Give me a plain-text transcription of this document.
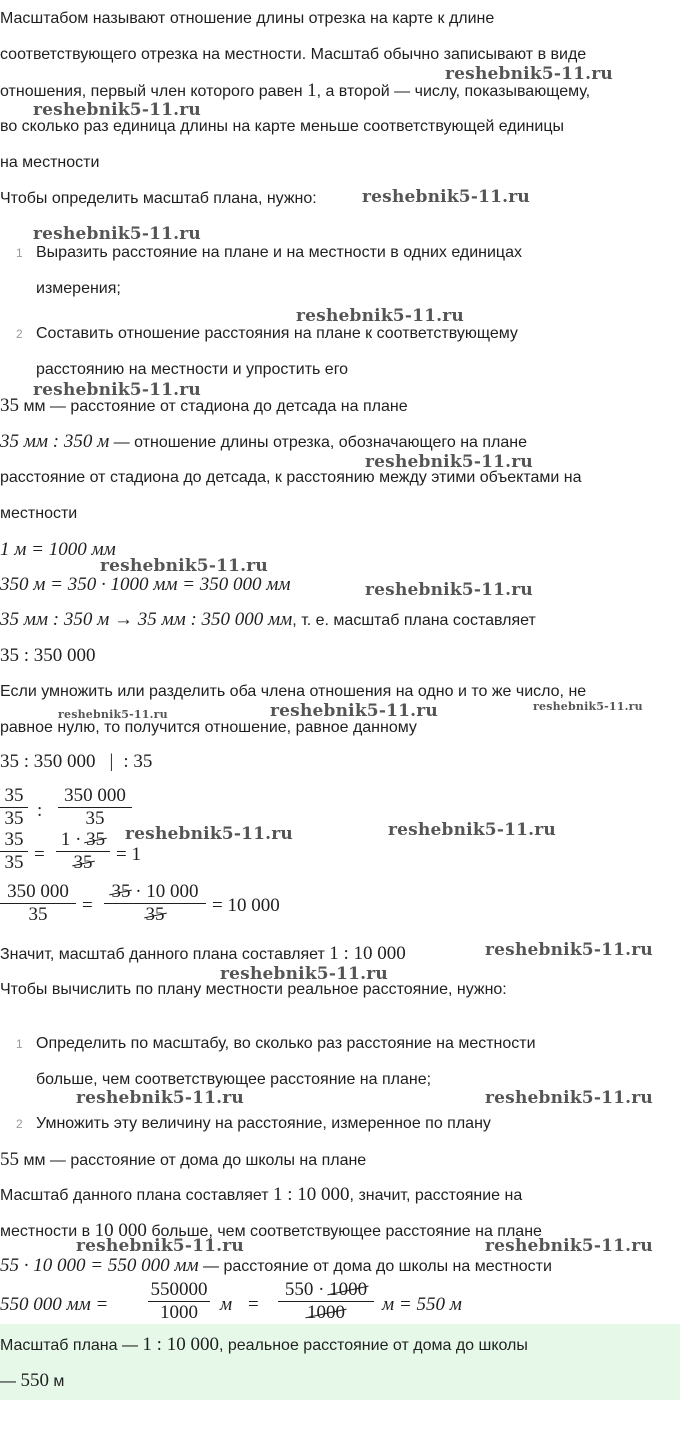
Масштабом называют отношение длины отрезка на карте к длине
соответствующего отрезка на местности. Масштаб обычно записывают в виде
отношения, первый член которого равен 1, а второй — числу, показывающему,
во сколько раз единица длины на карте меньше соответствующей единицы
на местности
Чтобы определить масштаб плана, нужно:
1 Выразить расстояние на плане и на местности в одних единицах
измерения;
2 Составить отношение расстояния на плане к соответствующему
расстоянию на местности и упростить его
35 мм — расстояние от стадиона до детсада на плане
35 мм : 350 м — отношение длины отрезка, обозначающего на плане
расстояние от стадиона до детсада, к расстоянию между этими объектами на
местности
1 м = 1000 мм
350 м = 350 · 1000 мм = 350 000 мм
35 мм : 350 м → 35 мм : 350 000 мм, т. е. масштаб плана составляет
35 : 350 000
Если умножить или разделить оба члена отношения на одно и то же число, не
равное нулю, то получится отношение, равное данному
35 : 350 000 | : 35
35
35 :
350 000
35
35
35 =
1 · 35
35	= 1
350 000
35	=
35 · 10 000
35	= 10 000
Значит, масштаб данного плана составляет 1 : 10 000
Чтобы вычислить по плану местности реальное расстояние, нужно:
1 Определить по масштабу, во сколько раз расстояние на местности
больше, чем соответствующее расстояние на плане;
2 Умножить эту величину на расстояние, измеренное по плану
55 мм — расстояние от дома до школы на плане
Масштаб данного плана составляет 1 : 10 000, значит, расстояние на
местности в 10 000 больше, чем соответствующее расстояние на плане
55 · 10 000 = 550 000 мм — расстояние от дома до школы на местности
550 000 мм =
550000
1000	м =
550 · 1000
1000	м = 550 м
Масштаб плана — 1 : 10 000, реальное расстояние от дома до школы
— 550 м
reshebnik5-11.ru
reshebnik5-11.ru
reshebnik5-11.ru
reshebnik5-11.ru
reshebnik5-11.ru
reshebnik5-11.ru
reshebnik5-11.ru
reshebnik5-11.ru
reshebnik5-11.ru
reshebnik5-11.ru	reshebnik5-11.ru	reshebnik5-11.ru
reshebnik5-11.ru	reshebnik5-11.ru
reshebnik5-11.ru
reshebnik5-11.ru
reshebnik5-11.ru	reshebnik5-11.ru
reshebnik5-11.ru	reshebnik5-11.ru
